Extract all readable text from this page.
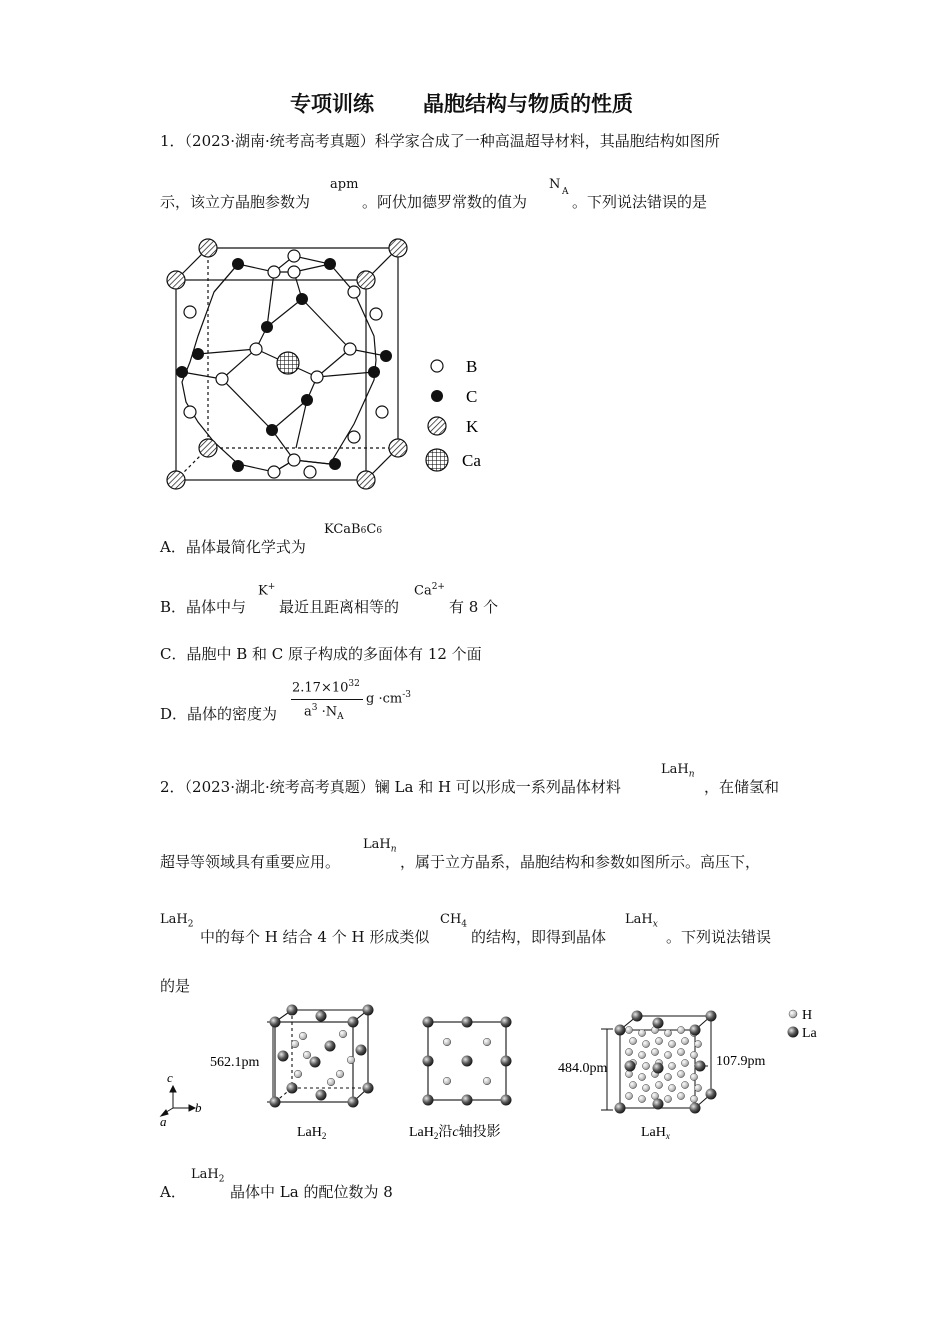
专项训练 晶胞结构与物质的性质
1．（2023·湖南·统考高考真题）科学家合成了一种高温超导材料，其晶胞结构如图所
示，该立方晶胞参数为
apm
。阿伏加德罗常数的值为
N A
。下列说法错误的是
B
C
K
Ca
A．晶体最简化学式为
KCaB6C6
B．晶体中与
K+
最近且距离相等的
$Ca^{2+}$
有 8 个
C．晶胞中 B 和 C 原子构成的多面体有 12 个面
D．晶体的密度为
$2.17\times 10^{32}$
$a^3 \cdot N_A$
$g \cdot cm^{-3}$
2．（2023·湖北·统考高考真题）镧 La 和 H 可以形成一系列晶体材料
LaH$_n$
，在储氢和
超导等领域具有重要应用。
LaH$_n$
，属于立方晶系，晶胞结构和参数如图所示。高压下，
LaH$_2$
中的每个 H 结合 4 个 H 形成类似
$CH_4$
的结构，即得到晶体
LaH$_x$
。下列说法错误
的是
562.1pm
c
b
a
484.0pm	107.9pm
H
La
LaH$_2$	LaH$_2$沿c轴投影	LaH$_x$
A．
LaH$_2$
晶体中 La 的配位数为 8
